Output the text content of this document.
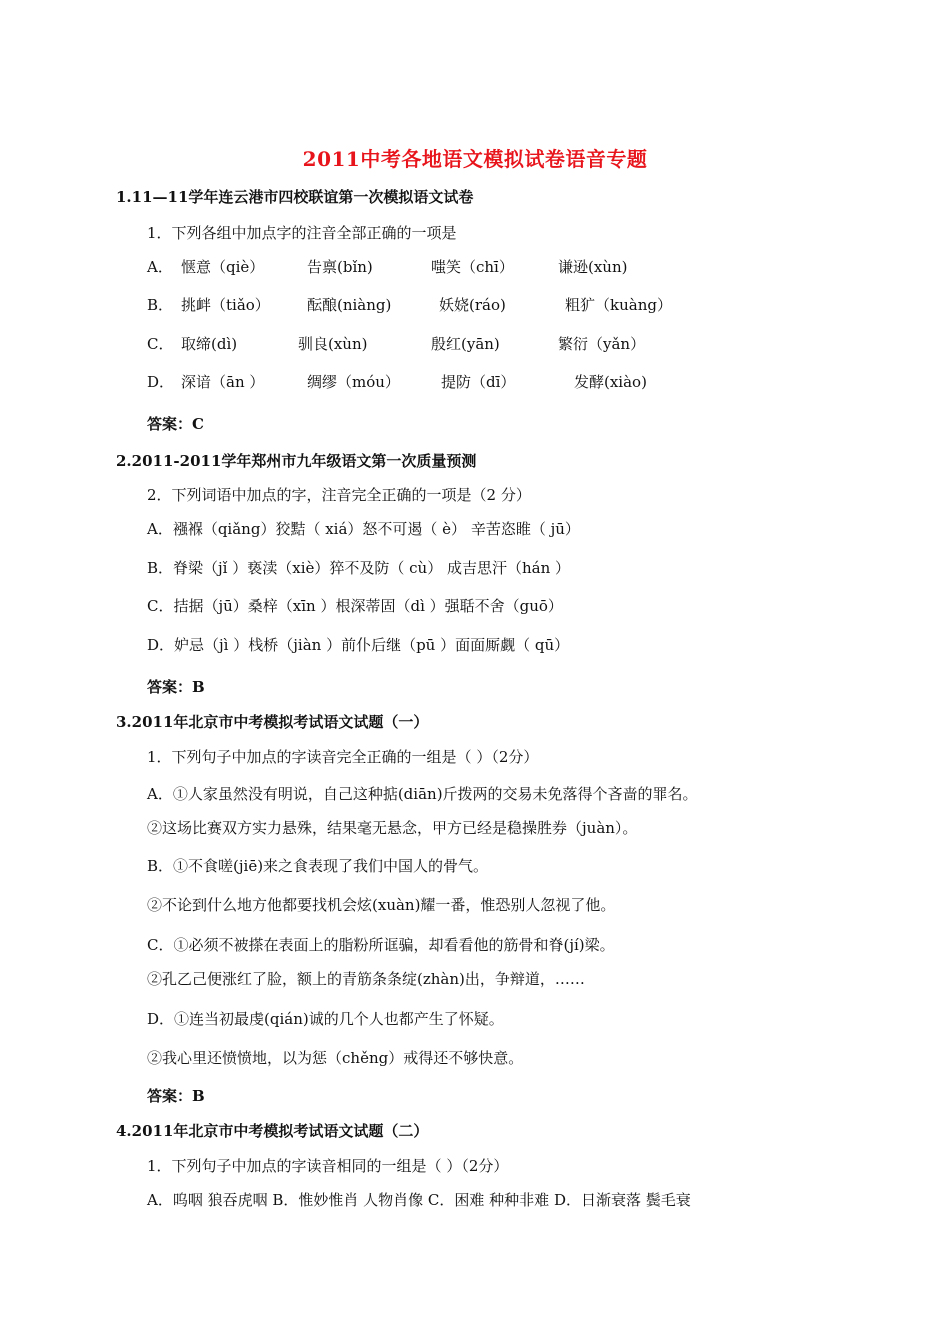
2011中考各地语文模拟试卷语音专题
1.11—11学年连云港市四校联谊第一次模拟语文试卷
1．下列各组中加点字的注音全部正确的一项是
A． 惬意（qiè）	告禀(bǐn)	嗤笑（chī）	谦逊(xùn)
B． 挑衅（tiǎo） 酝酿(niàng)	妖娆(ráo)	粗犷（kuàng）
C． 取缔(dì)	驯良(xùn)	殷红(yān)	繁衍（yǎn）
D． 深谙（ān ）	绸缪（móu）	提防（dī）	发酵(xiào)
答案：C
2.2011-2011学年郑州市九年级语文第一次质量预测
2．下列词语中加点的字，注音完全正确的一项是（2 分）
A．襁褓（qiǎng）狡黠（ xiá）怒不可遏（ è） 辛苦恣睢（ jū）
B．脊梁（jǐ ）亵渎（xiè）猝不及防（ cù） 成吉思汗（hán ）
C．拮据（jū）桑梓（xīn ）根深蒂固（dì ）强聒不舍（guō）
D．妒忌（jì ）栈桥（jiàn ）前仆后继（pū ）面面厮觑（ qū）
答案：B
3.2011年北京市中考模拟考试语文试题（一）
1．下列句子中加点的字读音完全正确的一组是（ ）（2分）
A．①人家虽然没有明说，自己这种掂(diān)斤拨两的交易未免落得个吝啬的罪名。
②这场比赛双方实力悬殊，结果毫无悬念，甲方已经是稳操胜券（juàn）。
B．①不食嗟(jiē)来之食表现了我们中国人的骨气。
②不论到什么地方他都要找机会炫(xuàn)耀一番，惟恐别人忽视了他。
C．①必须不被搽在表面上的脂粉所诓骗，却看看他的筋骨和脊(jí)梁。
②孔乙己便涨红了脸，额上的青筋条条绽(zhàn)出，争辩道，……
D．①连当初最虔(qián)诚的几个人也都产生了怀疑。
②我心里还愤愤地，以为惩（chěng）戒得还不够快意。
答案：B
4.2011年北京市中考模拟考试语文试题（二）
1．下列句子中加点的字读音相同的一组是（ ）（2分）
A．呜咽 狼吞虎咽 B．惟妙惟肖 人物肖像 C．困难 种种非难 D．日渐衰落 鬓毛衰
